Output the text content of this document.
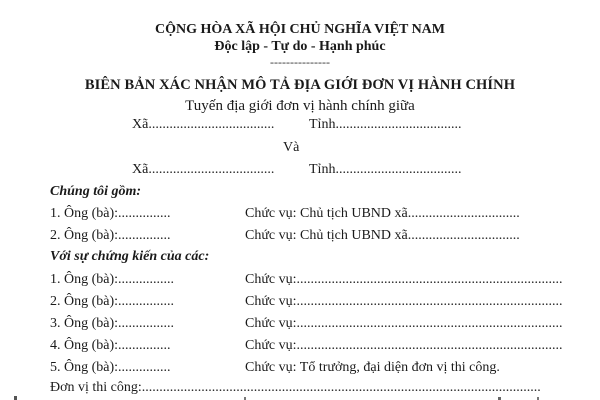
CỘNG HÒA XÃ HỘI CHỦ NGHĨA VIỆT NAM
Độc lập - Tự do - Hạnh phúc
---------------
BIÊN BẢN XÁC NHẬN MÔ TẢ ĐỊA GIỚI ĐƠN VỊ HÀNH CHÍNH
Tuyến địa giới đơn vị hành chính giữa
Xã.................................... Tỉnh....................................
Và
Xã.................................... Tỉnh....................................
Chúng tôi gồm:
1. Ông (bà):...............	Chức vụ: Chủ tịch UBND xã................................
2. Ông (bà):...............	Chức vụ: Chủ tịch UBND xã................................
Với sự chứng kiến của các:
1. Ông (bà):................	Chức vụ:............................................................................
2. Ông (bà):................	Chức vụ:............................................................................
3. Ông (bà):................	Chức vụ:............................................................................
4. Ông (bà):...............	Chức vụ:............................................................................
5. Ông (bà):...............	Chức vụ: Tổ trưởng, đại diện đơn vị thi công.
Đơn vị thi công:..................................................................................................................
